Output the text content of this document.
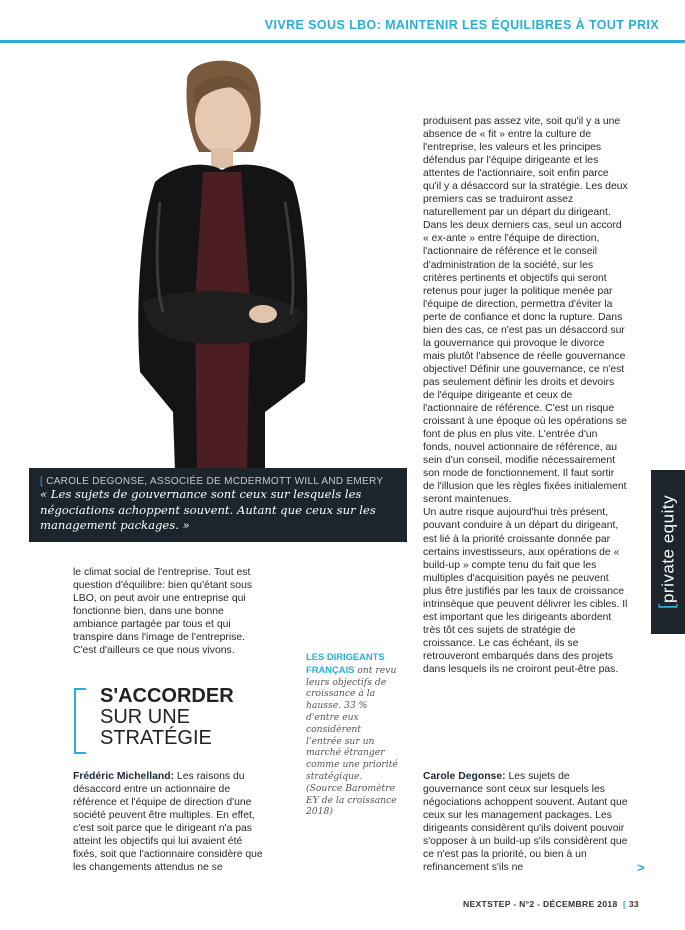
VIVRE SOUS LBO: MAINTENIR LES ÉQUILIBRES À TOUT PRIX
[ CAROLE DEGONSE, ASSOCIÉE DE MCDERMOTT WILL AND EMERY
« Les sujets de gouvernance sont ceux sur lesquels les négociations achoppent souvent. Autant que ceux sur les management packages. »

le climat social de l'entreprise. Tout est question d'équilibre: bien qu'étant sous LBO, on peut avoir une entreprise qui fonctionne bien, dans une bonne ambiance partagée par tous et qui transpire dans l'image de l'entreprise. C'est d'ailleurs ce que nous vivons.

S'ACCORDER
SUR UNE
STRATÉGIE

Frédéric Michelland: Les raisons du désaccord entre un actionnaire de référence et l'équipe de direction d'une société peuvent être multiples. En effet, c'est soit parce que le dirigeant n'a pas atteint les objectifs qui lui avaient été fixés, soit que l'actionnaire considère que les changements attendus ne se

LES DIRIGEANTS FRANÇAIS ont revu leurs objectifs de croissance à la hausse. 33 % d'entre eux considèrent l'entrée sur un marché étranger comme une priorité stratégique. (Source Baromètre EY de la croissance 2018)

produisent pas assez vite, soit qu'il y a une absence de « fit » entre la culture de l'entreprise, les valeurs et les principes défendus par l'équipe dirigeante et les attentes de l'actionnaire, soit enfin parce qu'il y a désaccord sur la stratégie. Les deux premiers cas se traduiront assez naturellement par un départ du dirigeant. Dans les deux derniers cas, seul un accord « ex-ante » entre l'équipe de direction, l'actionnaire de référence et le conseil d'administration de la société, sur les critères pertinents et objectifs qui seront retenus pour juger la politique menée par l'équipe de direction, permettra d'éviter la perte de confiance et donc la rupture. Dans bien des cas, ce n'est pas un désaccord sur la gouvernance qui provoque le divorce mais plutôt l'absence de réelle gouvernance objective! Définir une gouvernance, ce n'est pas seulement définir les droits et devoirs de l'équipe dirigeante et ceux de l'actionnaire de référence. C'est un risque croissant à une époque où les opérations se font de plus en plus vite. L'entrée d'un fonds, nouvel actionnaire de référence, au sein d'un conseil, modifie nécessairement son mode de fonctionnement. Il faut sortir de l'illusion que les règles fixées initialement seront maintenues.

Un autre risque aujourd'hui très présent, pouvant conduire à un départ du dirigeant, est lié à la priorité croissante donnée par certains investisseurs, aux opérations de « build-up » compte tenu du fait que les multiples d'acquisition payés ne peuvent plus être justifiés par les taux de croissance intrinsèque que peuvent délivrer les cibles. Il est important que les dirigeants abordent très tôt ces sujets de stratégie de croissance. Le cas échéant, ils se retrouveront embarqués dans des projets dans lesquels ils ne croiront peut-être pas.

Carole Degonse: Les sujets de gouvernance sont ceux sur lesquels les négociations achoppent souvent. Autant que ceux sur les management packages. Les dirigeants considèrent qu'ils doivent pouvoir s'opposer à un build-up s'ils considèrent que ce n'est pas la priorité, ou bien à un refinancement s'ils ne

[private equity
>
NEXTSTEP - N°2 - DÉCEMBRE 2018 [ 33
